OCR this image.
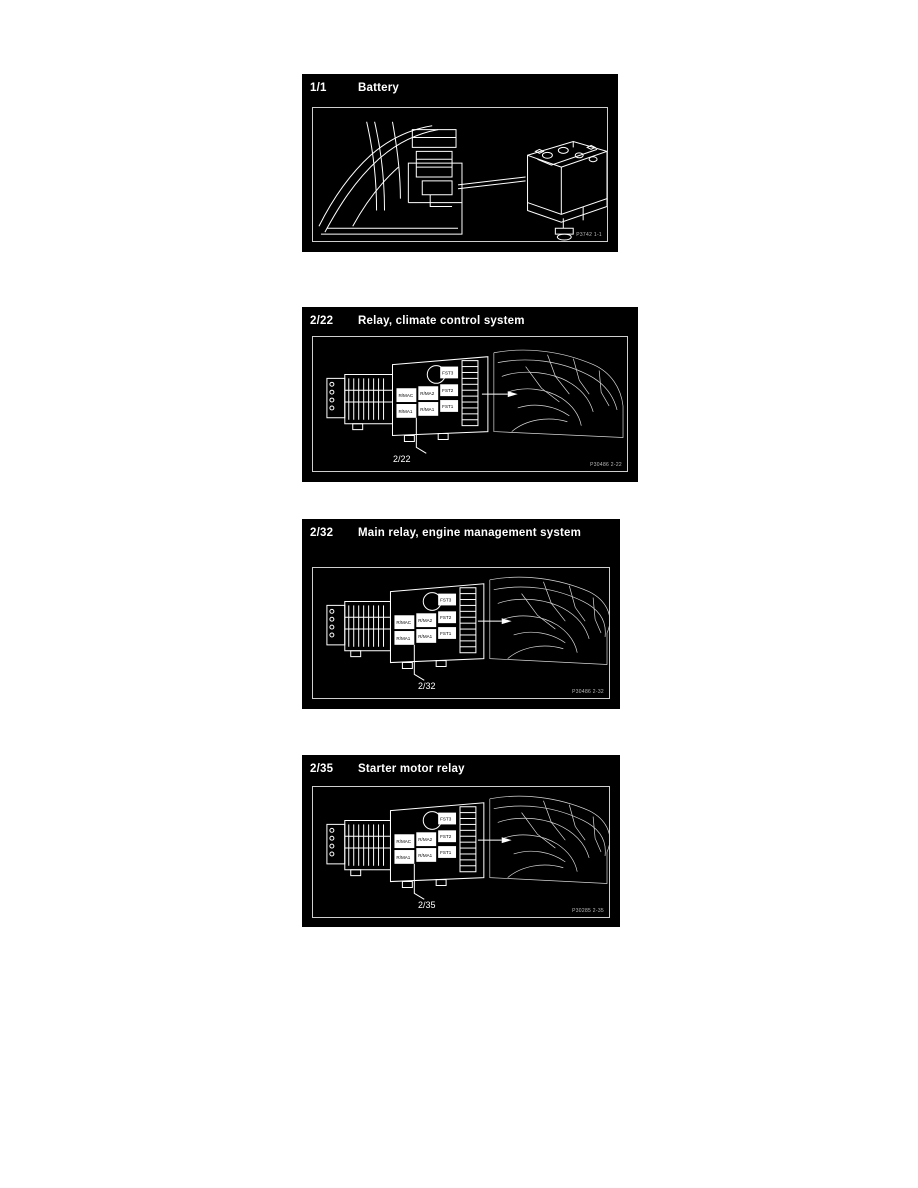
1/1	Battery
P3742 1-1
2/22	Relay, climate control system
R/MAC
R/MA1
R/MA2
R/MA1
FST3
FST2
FST1
2/22
P30486 2-22
2/32	Main relay, engine management system
R/MAC
R/MA1
R/MA2
R/MA1
FST3
FST2
FST1
2/32
P30486 2-32
2/35	Starter motor relay
R/MAC
R/MA1
R/MA2
R/MA1
FST3
FST2
FST1
2/35
P30285 2-35
